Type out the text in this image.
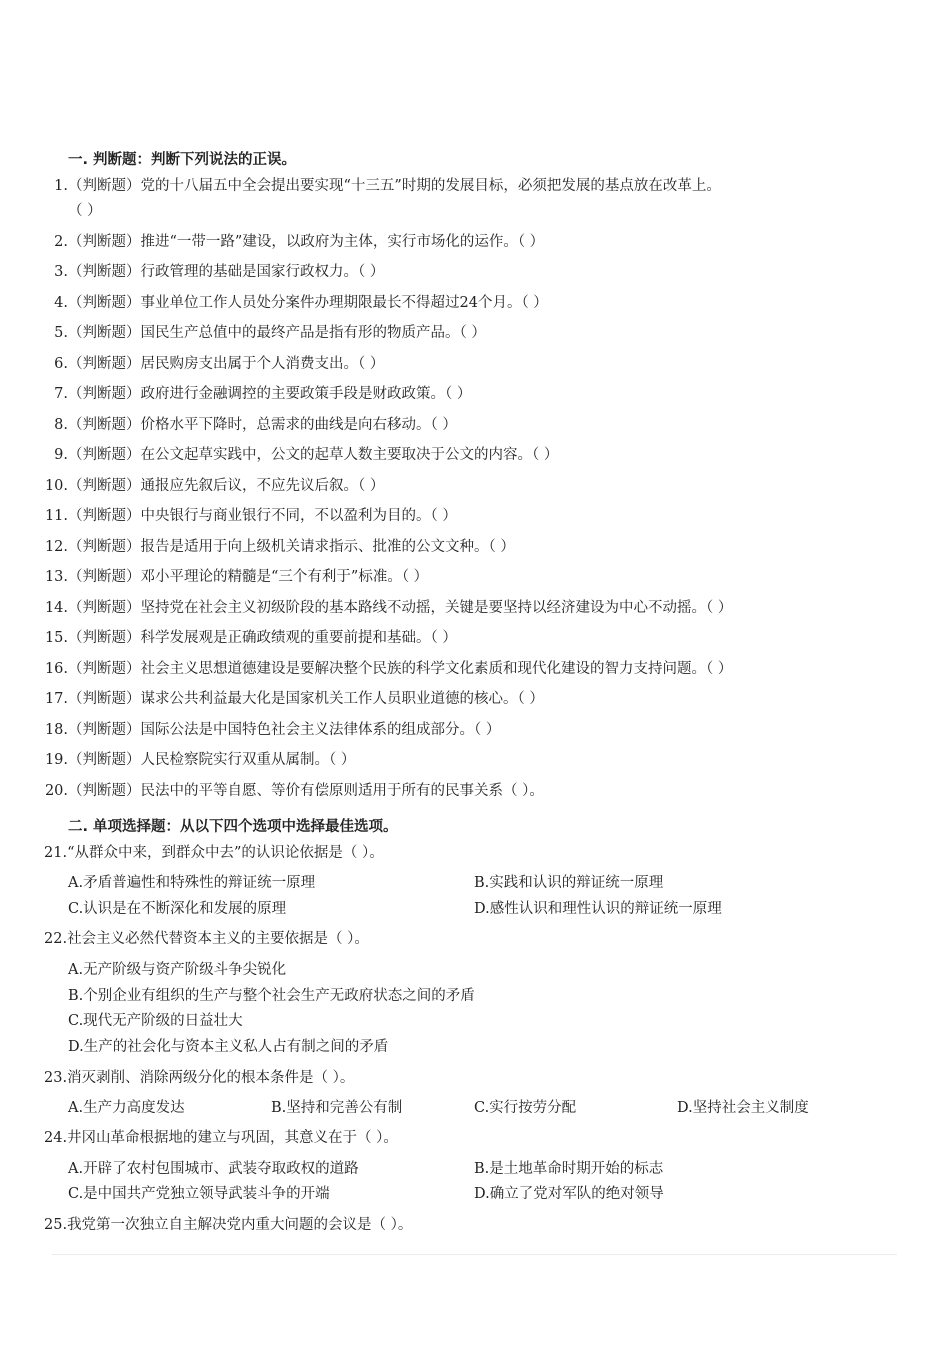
一. 判断题：判断下列说法的正误。
1.（判断题）党的十八届五中全会提出要实现“十三五”时期的发展目标，必须把发展的基点放在改革上。
（ ）
2.（判断题）推进“一带一路”建设，以政府为主体，实行市场化的运作。（ ）
3.（判断题）行政管理的基础是国家行政权力。（ ）
4.（判断题）事业单位工作人员处分案件办理期限最长不得超过24个月。（ ）
5.（判断题）国民生产总值中的最终产品是指有形的物质产品。（ ）
6.（判断题）居民购房支出属于个人消费支出。（ ）
7.（判断题）政府进行金融调控的主要政策手段是财政政策。（ ）
8.（判断题）价格水平下降时，总需求的曲线是向右移动。（ ）
9.（判断题）在公文起草实践中，公文的起草人数主要取决于公文的内容。（ ）
10.（判断题）通报应先叙后议，不应先议后叙。（ ）
11.（判断题）中央银行与商业银行不同，不以盈利为目的。（ ）
12.（判断题）报告是适用于向上级机关请求指示、批准的公文文种。（ ）
13.（判断题）邓小平理论的精髓是“三个有利于”标准。（ ）
14.（判断题）坚持党在社会主义初级阶段的基本路线不动摇，关键是要坚持以经济建设为中心不动摇。（ ）
15.（判断题）科学发展观是正确政绩观的重要前提和基础。（ ）
16.（判断题）社会主义思想道德建设是要解决整个民族的科学文化素质和现代化建设的智力支持问题。（ ）
17.（判断题）谋求公共利益最大化是国家机关工作人员职业道德的核心。（ ）
18.（判断题）国际公法是中国特色社会主义法律体系的组成部分。（ ）
19.（判断题）人民检察院实行双重从属制。（ ）
20.（判断题）民法中的平等自愿、等价有偿原则适用于所有的民事关系（ ）。
二. 单项选择题：从以下四个选项中选择最佳选项。
21.“从群众中来，到群众中去”的认识论依据是（ ）。
A.矛盾普遍性和特殊性的辩证统一原理	B.实践和认识的辩证统一原理
C.认识是在不断深化和发展的原理	D.感性认识和理性认识的辩证统一原理
22.社会主义必然代替资本主义的主要依据是（ ）。
A.无产阶级与资产阶级斗争尖锐化
B.个别企业有组织的生产与整个社会生产无政府状态之间的矛盾
C.现代无产阶级的日益壮大
D.生产的社会化与资本主义私人占有制之间的矛盾
23.消灭剥削、消除两级分化的根本条件是（ ）。
A.生产力高度发达	B.坚持和完善公有制	C.实行按劳分配	D.坚持社会主义制度
24.井冈山革命根据地的建立与巩固，其意义在于（ ）。
A.开辟了农村包围城市、武装夺取政权的道路	B.是土地革命时期开始的标志
C.是中国共产党独立领导武装斗争的开端	D.确立了党对军队的绝对领导
25.我党第一次独立自主解决党内重大问题的会议是（ ）。
